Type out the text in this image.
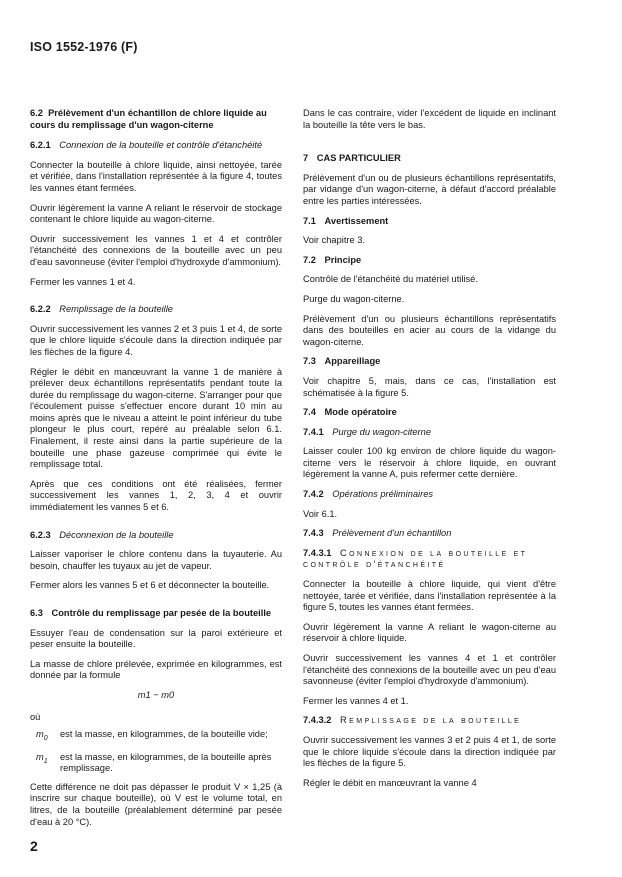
ISO 1552-1976 (F)
6.2 Prélèvement d'un échantillon de chlore liquide au cours du remplissage d'un wagon-citerne
6.2.1 Connexion de la bouteille et contrôle d'étanchéité

Connecter la bouteille à chlore liquide, ainsi nettoyée, tarée et vérifiée, dans l'installation représentée à la figure 4, toutes les vannes étant fermées.

Ouvrir légèrement la vanne A reliant le réservoir de stockage contenant le chlore liquide au wagon-citerne.

Ouvrir successivement les vannes 1 et 4 et contrôler l'étanchéité des connexions de la bouteille avec un peu d'eau savonneuse (éviter l'emploi d'hydroxyde d'ammonium).

Fermer les vannes 1 et 4.

6.2.2 Remplissage de la bouteille

Ouvrir successivement les vannes 2 et 3 puis 1 et 4, de sorte que le chlore liquide s'écoule dans la direction indiquée par les flèches de la figure 4.

Régler le débit en manœuvrant la vanne 1 de manière à prélever deux échantillons représentatifs pendant toute la durée du remplissage du wagon-citerne. S'arranger pour que l'écoulement puisse s'effectuer encore durant 10 min au moins après que le niveau a atteint le point inférieur du tube plongeur le plus court, repéré au préalable selon 6.1. Finalement, il reste ainsi dans la partie supérieure de la bouteille une phase gazeuse comprimée qui évite le remplissage total.

Après que ces conditions ont été réalisées, fermer successivement les vannes 1, 2, 3, 4 et ouvrir immédiatement les vannes 5 et 6.

6.2.3 Déconnexion de la bouteille

Laisser vaporiser le chlore contenu dans la tuyauterie. Au besoin, chauffer les tuyaux au jet de vapeur.

Fermer alors les vannes 5 et 6 et déconnecter la bouteille.

6.3 Contrôle du remplissage par pesée de la bouteille

Essuyer l'eau de condensation sur la paroi extérieure et peser ensuite la bouteille.

La masse de chlore prélevée, exprimée en kilogrammes, est donnée par la formule

m1 − m0
où
$m_0$	est la masse, en kilogrammes, de la bouteille vide;
$m_1$	est la masse, en kilogrammes, de la bouteille après remplissage.

Cette différence ne doit pas dépasser le produit V × 1,25 (à inscrire sur chaque bouteille), où V est le volume total, en litres, de la bouteille (préalablement déterminé par pesée d'eau à 20 °C).

Dans le cas contraire, vider l'excédent de liquide en inclinant la bouteille la tête vers le bas.

7 CAS PARTICULIER

Prélèvement d'un ou de plusieurs échantillons représentatifs, par vidange d'un wagon-citerne, à défaut d'accord préalable entre les parties intéressées.

7.1 Avertissement

Voir chapitre 3.

7.2 Principe

Contrôle de l'étanchéité du matériel utilisé.

Purge du wagon-citerne.

Prélèvement d'un ou plusieurs échantillons représentatifs dans des bouteilles en acier au cours de la vidange du wagon-citerne.

7.3 Appareillage

Voir chapitre 5, mais, dans ce cas, l'installation est schématisée à la figure 5.

7.4 Mode opératoire
7.4.1 Purge du wagon-citerne

Laisser couler 100 kg environ de chlore liquide du wagon-citerne vers le réservoir à chlore liquide, en ouvrant légèrement la vanne A, puis refermer cette dernière.

7.4.2 Opérations préliminaires

Voir 6.1.

7.4.3 Prélèvement d'un échantillon
7.4.3.1 Connexion de la bouteille et contrôle d'étanchéité

Connecter la bouteille à chlore liquide, qui vient d'être nettoyée, tarée et vérifiée, dans l'installation représentée à la figure 5, toutes les vannes étant fermées.

Ouvrir légèrement la vanne A reliant le wagon-citerne au réservoir à chlore liquide.

Ouvrir successivement les vannes 4 et 1 et contrôler l'étanchéité des connexions de la bouteille avec un peu d'eau savonneuse (éviter l'emploi d'hydroxyde d'ammonium).

Fermer les vannes 4 et 1.

7.4.3.2 Remplissage de la bouteille

Ouvrir successivement les vannes 3 et 2 puis 4 et 1, de sorte que le chlore liquide s'écoule dans la direction indiquée par les flèches de la figure 5.

Régler le débit en manœuvrant la vanne 4

2
